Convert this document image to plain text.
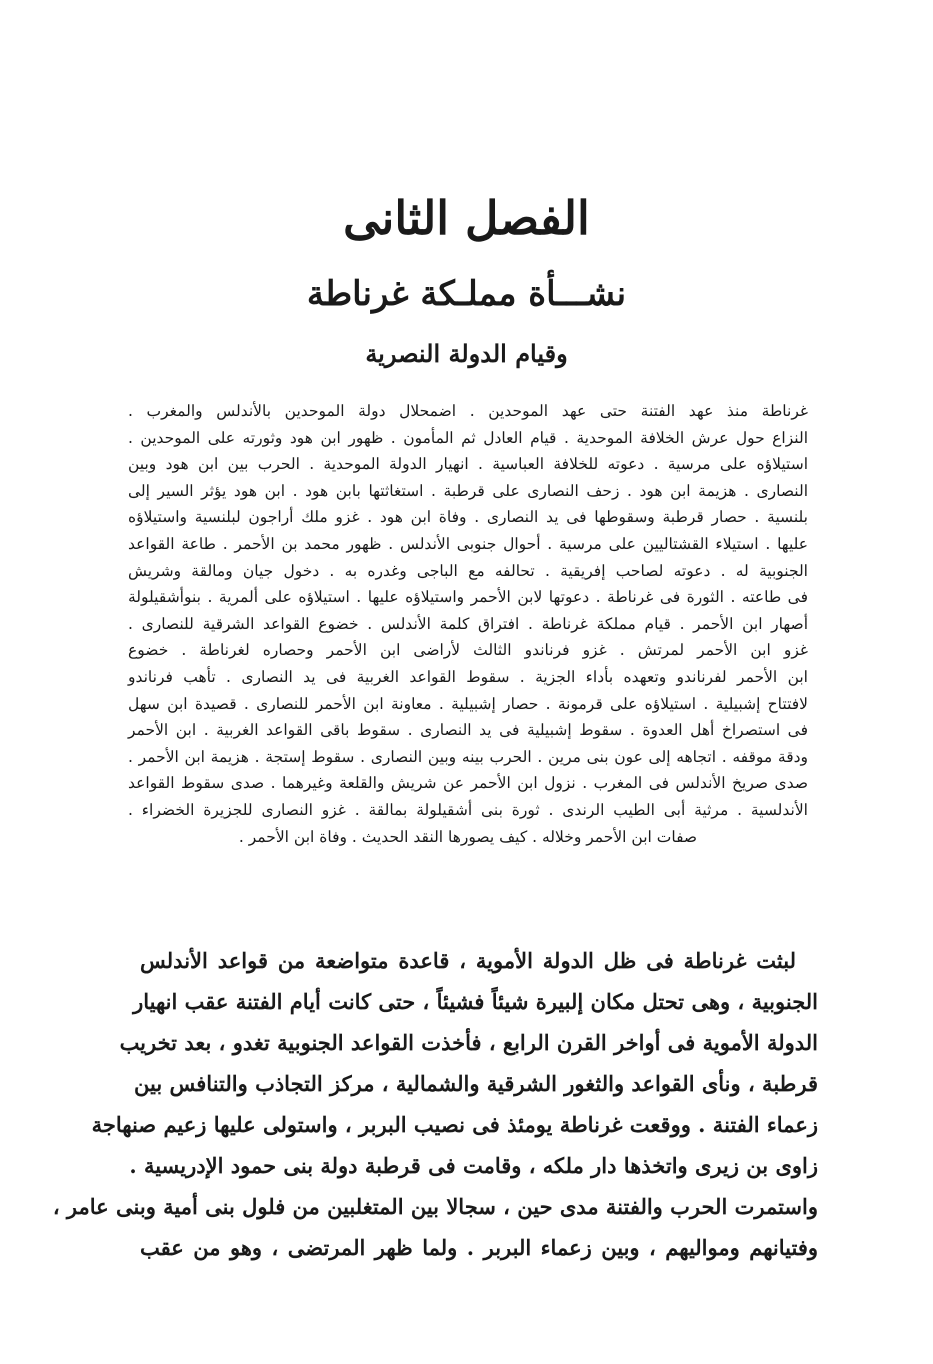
الفصل الثانى
نشـــأة مملـكة غرناطة
وقيام الدولة النصرية
غرناطة منذ عهد الفتنة حتى عهد الموحدين . اضمحلال دولة الموحدين بالأندلس والمغرب .
النزاع حول عرش الخلافة الموحدية . قيام العادل ثم المأمون . ظهور ابن هود وثورته على الموحدين .
استيلاؤه على مرسية . دعوته للخلافة العباسية . انهيار الدولة الموحدية . الحرب بين ابن هود وبين
النصارى . هزيمة ابن هود . زحف النصارى على قرطبة . استغاثتها بابن هود . ابن هود يؤثر السير إلى
بلنسية . حصار قرطبة وسقوطها فى يد النصارى . وفاة ابن هود . غزو ملك أراجون لبلنسية واستيلاؤه
عليها . استيلاء القشتاليين على مرسية . أحوال جنوبى الأندلس . ظهور محمد بن الأحمر . طاعة القواعد
الجنوبية له . دعوته لصاحب إفريقية . تحالفه مع الباجى وغدره به . دخول جيان ومالقة وشريش
فى طاعته . الثورة فى غرناطة . دعوتها لابن الأحمر واستيلاؤه عليها . استيلاؤه على ألمرية . بنوأشقيلولة
أصهار ابن الأحمر . قيام مملكة غرناطة . افتراق كلمة الأندلس . خضوع القواعد الشرقية للنصارى .
غزو ابن الأحمر لمرتش . غزو فرناندو الثالث لأراضى ابن الأحمر وحصاره لغرناطة . خضوع
ابن الأحمر لفرناندو وتعهده بأداء الجزية . سقوط القواعد الغربية فى يد النصارى . تأهب فرناندو
لافتتاح إشبيلية . استيلاؤه على قرمونة . حصار إشبيلية . معاونة ابن الأحمر للنصارى . قصيدة ابن سهل
فى استصراخ أهل العدوة . سقوط إشبيلية فى يد النصارى . سقوط باقى القواعد الغربية . ابن الأحمر
ودقة موقفه . اتجاهه إلى عون بنى مرين . الحرب بينه وبين النصارى . سقوط إستجة . هزيمة ابن الأحمر .
صدى صريخ الأندلس فى المغرب . نزول ابن الأحمر عن شريش والقلعة وغيرهما . صدى سقوط القواعد
الأندلسية . مرثية أبى الطيب الرندى . ثورة بنى أشقيلولة بمالقة . غزو النصارى للجزيرة الخضراء .
صفات ابن الأحمر وخلاله . كيف يصورها النقد الحديث . وفاة ابن الأحمر .
لبثت غرناطة فى ظل الدولة الأموية ، قاعدة متواضعة من قواعد الأندلس
الجنوبية ، وهى تحتل مكان إلبيرة شيئاً فشيئاً ، حتى كانت أيام الفتنة عقب انهيار
الدولة الأموية فى أواخر القرن الرابع ، فأخذت القواعد الجنوبية تغدو ، بعد تخريب
قرطبة ، ونأى القواعد والثغور الشرقية والشمالية ، مركز التجاذب والتنافس بين
زعماء الفتنة . ووقعت غرناطة يومئذ فى نصيب البربر ، واستولى عليها زعيم صنهاجة
زاوى بن زيرى واتخذها دار ملكه ، وقامت فى قرطبة دولة بنى حمود الإدريسية .
واستمرت الحرب والفتنة مدى حين ، سجالا بين المتغلبين من فلول بنى أمية وبنى عامر ،
وفتيانهم ومواليهم ، وبين زعماء البربر . ولما ظهر المرتضى ، وهو من عقب
